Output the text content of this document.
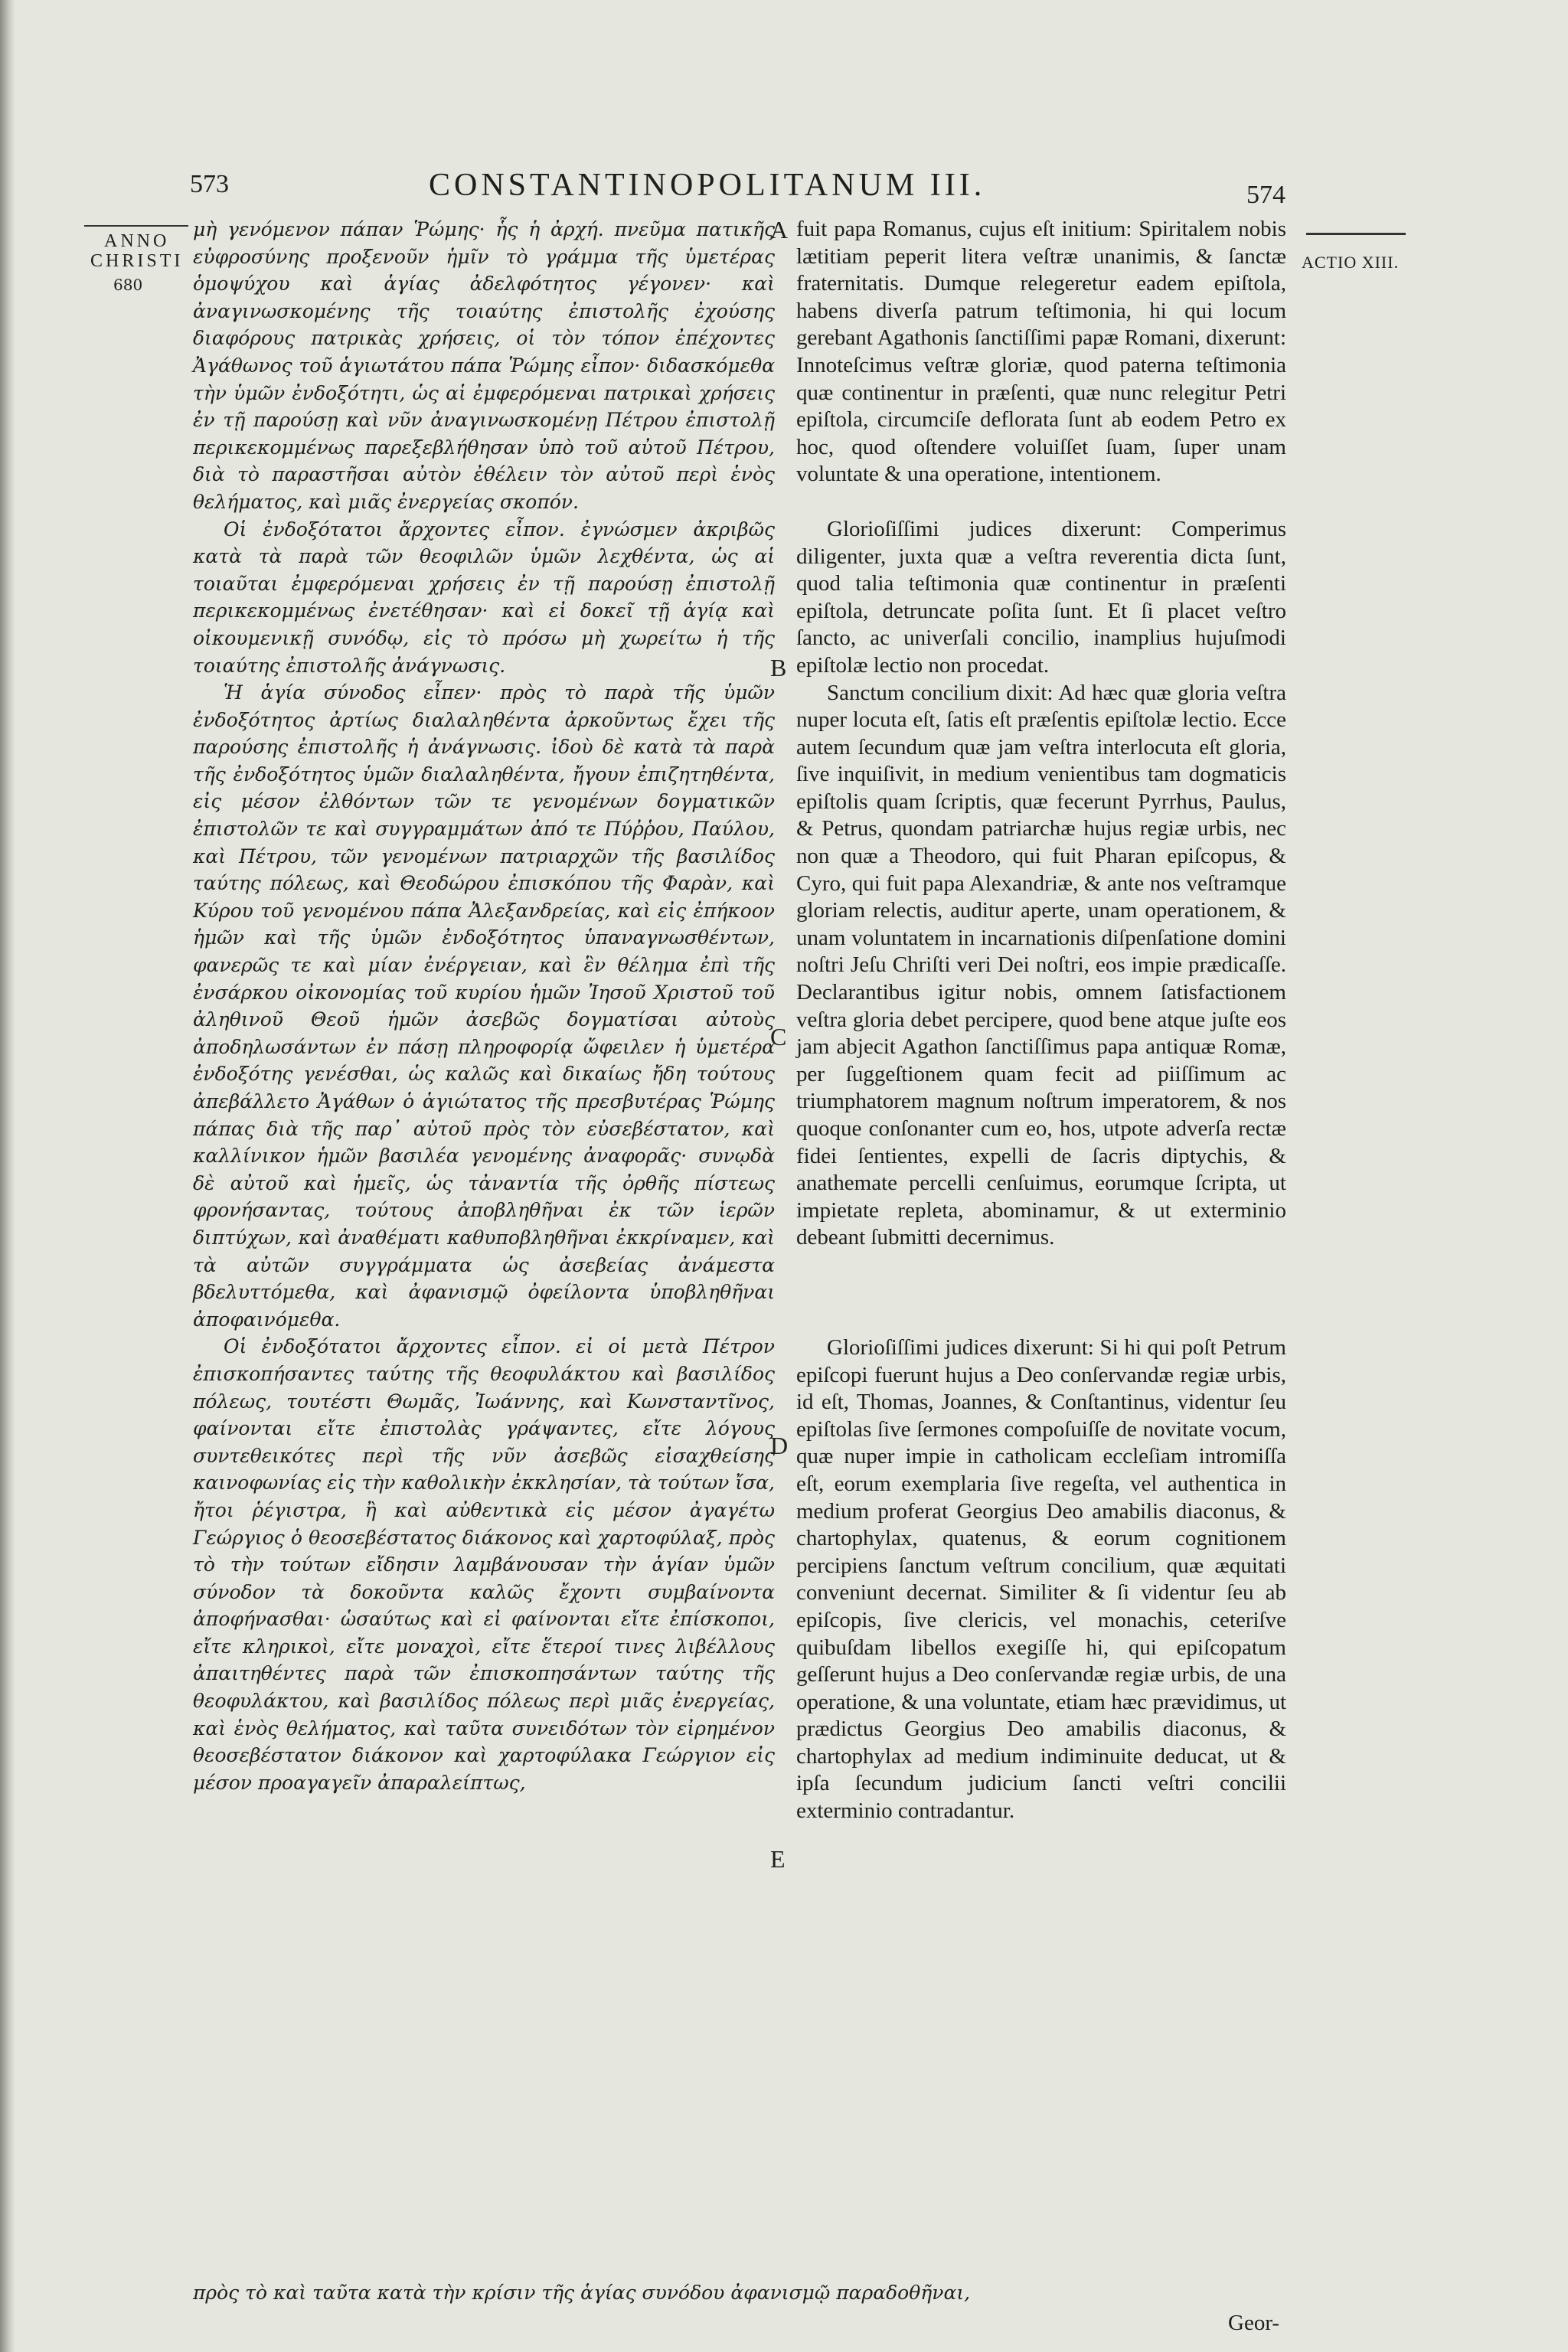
573	CONSTANTINOPOLITANUM III.	574
ANNO
CHRISTI
680
ACTIO XIII.
A
B
C
D
E

μὴ γενόμενον πάπαν Ῥώμης· ἧς ἡ ἀρχή. πνεῦμα πατικῆς εὐφροσύνης προξενοῦν ἡμῖν τὸ γράμμα τῆς ὑμετέρας ὁμοψύχου καὶ ἁγίας ἀδελφότητος γέγονεν· καὶ ἀναγινωσκομένης τῆς τοιαύτης ἐπιστολῆς ἐχούσης διαφόρους πατρικὰς χρήσεις, οἱ τὸν τόπον ἐπέχοντες Ἀγάθωνος τοῦ ἁγιωτάτου πάπα Ῥώμης εἶπον· διδασκόμεθα τὴν ὑμῶν ἐνδοξότητι, ὡς αἱ ἐμφερόμεναι πατρικαὶ χρήσεις ἐν τῇ παρούσῃ καὶ νῦν ἀναγινωσκομένῃ Πέτρου ἐπιστολῇ περικεκομμένως παρεξεβλήθησαν ὑπὸ τοῦ αὐτοῦ Πέτρου, διὰ τὸ παραστῆσαι αὐτὸν ἐθέλειν τὸν αὐτοῦ περὶ ἑνὸς θελήματος, καὶ μιᾶς ἐνεργείας σκοπόν.

Οἱ ἐνδοξότατοι ἄρχοντες εἶπον. ἐγνώσμεν ἀκριβῶς κατὰ τὰ παρὰ τῶν θεοφιλῶν ὑμῶν λεχθέντα, ὡς αἱ τοιαῦται ἐμφερόμεναι χρήσεις ἐν τῇ παρούσῃ ἐπιστολῇ περικεκομμένως ἐνετέθησαν· καὶ εἰ δοκεῖ τῇ ἁγίᾳ καὶ οἰκουμενικῇ συνόδῳ, εἰς τὸ πρόσω μὴ χωρείτω ἡ τῆς τοιαύτης ἐπιστολῆς ἀνάγνωσις.

Ἡ ἁγία σύνοδος εἶπεν· πρὸς τὸ παρὰ τῆς ὑμῶν ἐνδοξότητος ἀρτίως διαλαληθέντα ἀρκοῦντως ἔχει τῆς παρούσης ἐπιστολῆς ἡ ἀνάγνωσις. ἰδοὺ δὲ κατὰ τὰ παρὰ τῆς ἐνδοξότητος ὑμῶν διαλαληθέντα, ἤγουν ἐπιζητηθέντα, εἰς μέσον ἐλθόντων τῶν τε γενομένων δογματικῶν ἐπιστολῶν τε καὶ συγγραμμάτων ἀπό τε Πύῤῥου, Παύλου, καὶ Πέτρου, τῶν γενομένων πατριαρχῶν τῆς βασιλίδος ταύτης πόλεως, καὶ Θεοδώρου ἐπισκόπου τῆς Φαρὰν, καὶ Κύρου τοῦ γενομένου πάπα Ἀλεξανδρείας, καὶ εἰς ἐπήκοον ἡμῶν καὶ τῆς ὑμῶν ἐνδοξότητος ὑπαναγνωσθέντων, φανερῶς τε καὶ μίαν ἐνέργειαν, καὶ ἓν θέλημα ἐπὶ τῆς ἐνσάρκου οἰκονομίας τοῦ κυρίου ἡμῶν Ἰησοῦ Χριστοῦ τοῦ ἀληθινοῦ Θεοῦ ἡμῶν ἀσεβῶς δογματίσαι αὐτοὺς ἀποδηλωσάντων ἐν πάσῃ πληροφορίᾳ ὤφειλεν ἡ ὑμετέρα ἐνδοξότης γενέσθαι, ὡς καλῶς καὶ δικαίως ἤδη τούτους ἀπεβάλλετο Ἀγάθων ὁ ἁγιώτατος τῆς πρεσβυτέρας Ῥώμης πάπας διὰ τῆς παρ᾽ αὐτοῦ πρὸς τὸν εὐσεβέστατον, καὶ καλλίνικον ἡμῶν βασιλέα γενομένης ἀναφορᾶς· συνῳδὰ δὲ αὐτοῦ καὶ ἡμεῖς, ὡς τἀναντία τῆς ὀρθῆς πίστεως φρονήσαντας, τούτους ἀποβληθῆναι ἐκ τῶν ἱερῶν διπτύχων, καὶ ἀναθέματι καθυποβληθῆναι ἐκκρίναμεν, καὶ τὰ αὐτῶν συγγράμματα ὡς ἀσεβείας ἀνάμεστα βδελυττόμεθα, καὶ ἀφανισμῷ ὀφείλοντα ὑποβληθῆναι ἀποφαινόμεθα.

Οἱ ἐνδοξότατοι ἄρχοντες εἶπον. εἰ οἱ μετὰ Πέτρον ἐπισκοπήσαντες ταύτης τῆς θεοφυλάκτου καὶ βασιλίδος πόλεως, τουτέστι Θωμᾶς, Ἰωάννης, καὶ Κωνσταντῖνος, φαίνονται εἴτε ἐπιστολὰς γράψαντες, εἴτε λόγους συντεθεικότες περὶ τῆς νῦν ἀσεβῶς εἰσαχθείσης καινοφωνίας εἰς τὴν καθολικὴν ἐκκλησίαν, τὰ τούτων ἴσα, ἤτοι ῥέγιστρα, ἢ καὶ αὐθεντικὰ εἰς μέσον ἀγαγέτω Γεώργιος ὁ θεοσεβέστατος διάκονος καὶ χαρτοφύλαξ, πρὸς τὸ τὴν τούτων εἴδησιν λαμβάνουσαν τὴν ἁγίαν ὑμῶν σύνοδον τὰ δοκοῦντα καλῶς ἔχοντι συμβαίνοντα ἀποφήνασθαι· ὡσαύτως καὶ εἰ φαίνονται εἴτε ἐπίσκοποι, εἴτε κληρικοὶ, εἴτε μοναχοὶ, εἴτε ἕτεροί τινες λιβέλλους ἀπαιτηθέντες παρὰ τῶν ἐπισκοπησάντων ταύτης τῆς θεοφυλάκτου, καὶ βασιλίδος πόλεως περὶ μιᾶς ἐνεργείας, καὶ ἑνὸς θελήματος, καὶ ταῦτα συνειδότων τὸν εἰρημένον θεοσεβέστατον διάκονον καὶ χαρτοφύλακα Γεώργιον εἰς μέσον προαγαγεῖν ἀπαραλείπτως,

fuit papa Romanus, cujus eſt initium: Spiritalem nobis lætitiam peperit litera veſtræ unanimis, & ſanctæ fraternitatis. Dumque relegeretur eadem epiſtola, habens diverſa patrum teſtimonia, hi qui locum gerebant Agathonis ſanctiſſimi papæ Romani, dixerunt: Innoteſcimus veſtræ gloriæ, quod paterna teſtimonia quæ continentur in præſenti, quæ nunc relegitur Petri epiſtola, circumciſe deflorata ſunt ab eodem Petro ex hoc, quod oſtendere voluiſſet ſuam, ſuper unam voluntate & una operatione, intentionem.

Glorioſiſſimi judices dixerunt: Comperimus diligenter, juxta quæ a veſtra reverentia dicta ſunt, quod talia teſtimonia quæ continentur in præſenti epiſtola, detruncate poſita ſunt. Et ſi placet veſtro ſancto, ac univerſali concilio, inamplius hujuſmodi epiſtolæ lectio non procedat.

Sanctum concilium dixit: Ad hæc quæ gloria veſtra nuper locuta eſt, ſatis eſt præſentis epiſtolæ lectio. Ecce autem ſecundum quæ jam veſtra interlocuta eſt gloria, ſive inquiſivit, in medium venientibus tam dogmaticis epiſtolis quam ſcriptis, quæ fecerunt Pyrrhus, Paulus, & Petrus, quondam patriarchæ hujus regiæ urbis, nec non quæ a Theodoro, qui fuit Pharan epiſcopus, & Cyro, qui fuit papa Alexandriæ, & ante nos veſtramque gloriam relectis, auditur aperte, unam operationem, & unam voluntatem in incarnationis diſpenſatione domini noſtri Jeſu Chriſti veri Dei noſtri, eos impie prædicaſſe. Declarantibus igitur nobis, omnem ſatisfactionem veſtra gloria debet percipere, quod bene atque juſte eos jam abjecit Agathon ſanctiſſimus papa antiquæ Romæ, per ſuggeſtionem quam fecit ad piiſſimum ac triumphatorem magnum noſtrum imperatorem, & nos quoque conſonanter cum eo, hos, utpote adverſa rectæ fidei ſentientes, expelli de ſacris diptychis, & anathemate percelli cenſuimus, eorumque ſcripta, ut impietate repleta, abominamur, & ut exterminio debeant ſubmitti decernimus.

Glorioſiſſimi judices dixerunt: Si hi qui poſt Petrum epiſcopi fuerunt hujus a Deo conſervandæ regiæ urbis, id eſt, Thomas, Joannes, & Conſtantinus, videntur ſeu epiſtolas ſive ſermones compoſuiſſe de novitate vocum, quæ nuper impie in catholicam eccleſiam intromiſſa eſt, eorum exemplaria ſive regeſta, vel authentica in medium proferat Georgius Deo amabilis diaconus, & chartophylax, quatenus, & eorum cognitionem percipiens ſanctum veſtrum concilium, quæ æquitati conveniunt decernat. Similiter & ſi videntur ſeu ab epiſcopis, ſive clericis, vel monachis, ceteriſve quibuſdam libellos exegiſſe hi, qui epiſcopatum geſſerunt hujus a Deo conſervandæ regiæ urbis, de una operatione, & una voluntate, etiam hæc prævidimus, ut prædictus Georgius Deo amabilis diaconus, & chartophylax ad medium indiminuite deducat, ut & ipſa ſecundum judicium ſancti veſtri concilii exterminio contradantur.

πρὸς τὸ καὶ ταῦτα κατὰ τὴν κρίσιν τῆς ἁγίας συνόδου ἀφανισμῷ παραδοθῆναι,
Geor-
